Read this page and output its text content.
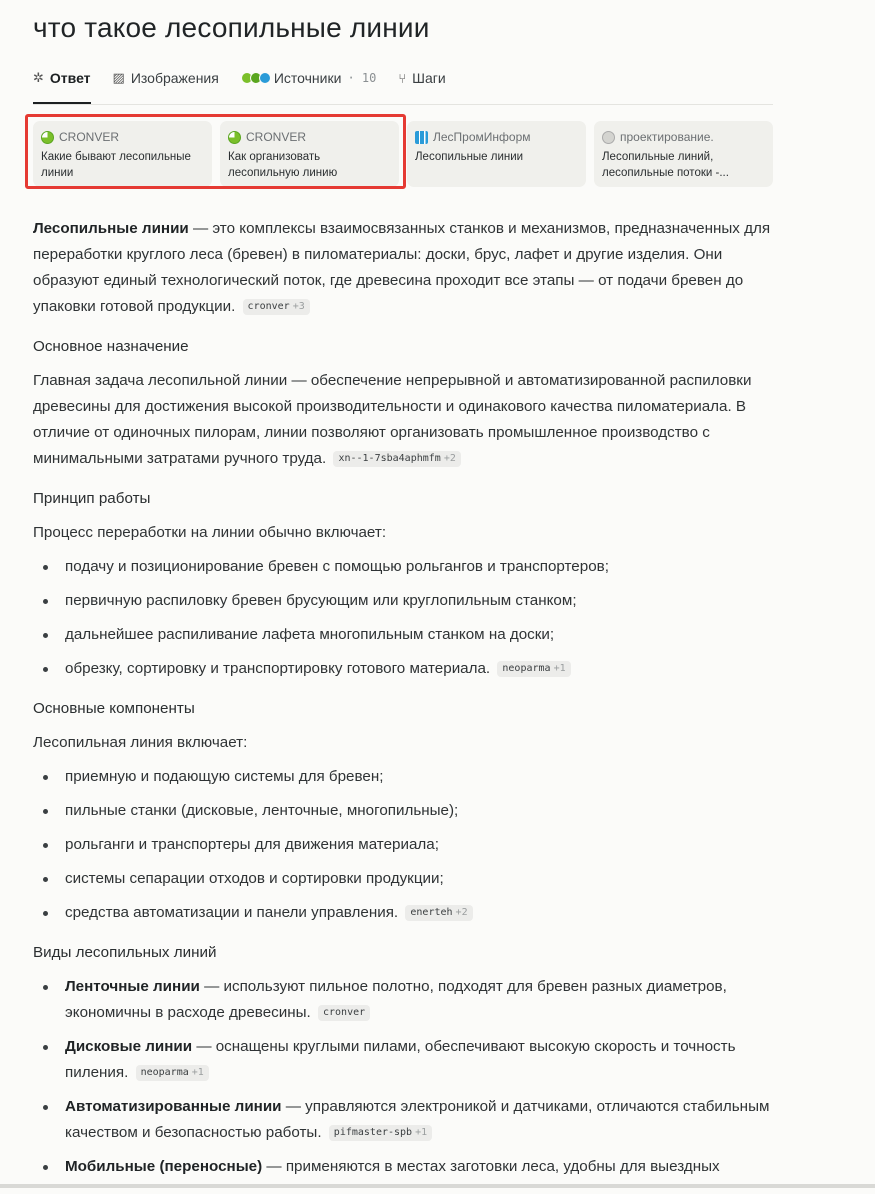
что такое лесопильные линии
✲ Ответ ▨ Изображения	Источники · 10 ⑂ Шаги
CRONVER
Какие бывают лесопильные линии
CRONVER
Как организовать лесопильную линию
ЛесПромИнформ
Лесопильные линии
проектирование.
Лесопильные линий, лесопильные потоки -...

Лесопильные линии — это комплексы взаимосвязанных станков и механизмов, предназначенных для переработки круглого леса (бревен) в пиломатериалы: доски, брус, лафет и другие изделия. Они образуют единый технологический поток, где древесина проходит все этапы — от подачи бревен до упаковки готовой продукции. cronver +3

Основное назначение

Главная задача лесопильной линии — обеспечение непрерывной и автоматизированной распиловки древесины для достижения высокой производительности и одинакового качества пиломатериала. В отличие от одиночных пилорам, линии позволяют организовать промышленное производство с минимальными затратами ручного труда. xn--1-7sba4aphmfm +2

Принцип работы

Процесс переработки на линии обычно включает:

подачу и позиционирование бревен с помощью рольгангов и транспортеров;
первичную распиловку бревен брусующим или круглопильным станком;
дальнейшее распиливание лафета многопильным станком на доски;
обрезку, сортировку и транспортировку готового материала. neoparma +1
Основные компоненты

Лесопильная линия включает:

приемную и подающую системы для бревен;
пильные станки (дисковые, ленточные, многопильные);
рольганги и транспортеры для движения материала;
системы сепарации отходов и сортировки продукции;
средства автоматизации и панели управления. enerteh +2
Виды лесопильных линий
Ленточные линии — используют пильное полотно, подходят для бревен разных диаметров, экономичны в расходе древесины. cronver
Дисковые линии — оснащены круглыми пилами, обеспечивают высокую скорость и точность пиления. neoparma +1
Автоматизированные линии — управляются электроникой и датчиками, отличаются стабильным качеством и безопасностью работы. pifmaster-spb +1
Мобильные (переносные) — применяются в местах заготовки леса, удобны для выездных
